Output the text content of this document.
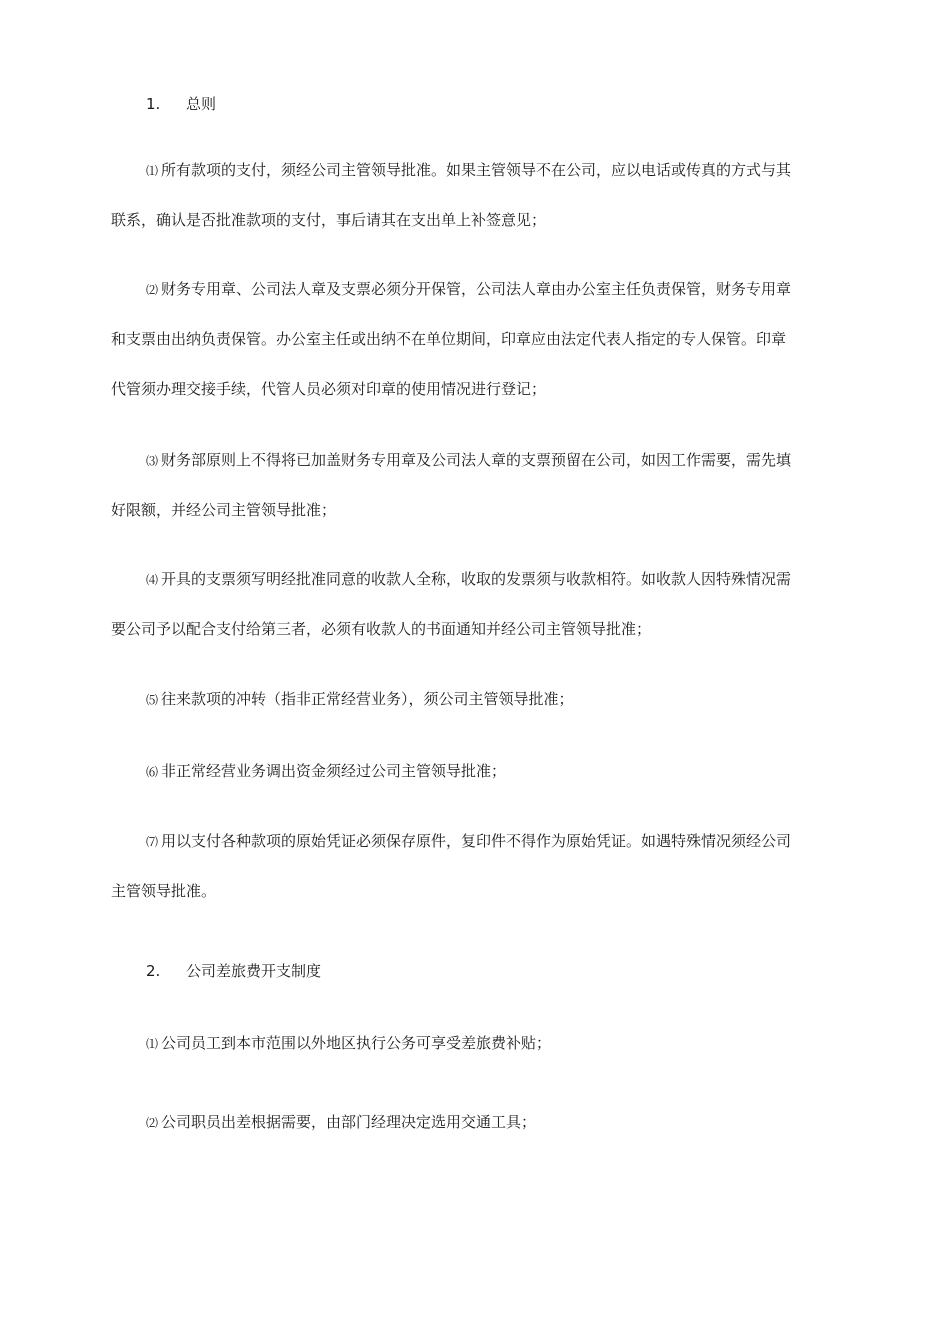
1. 总则
⑴ 所有款项的支付，须经公司主管领导批准。如果主管领导不在公司，应以电话或传真的方式与其
联系，确认是否批准款项的支付，事后请其在支出单上补签意见；
⑵ 财务专用章、公司法人章及支票必须分开保管，公司法人章由办公室主任负责保管，财务专用章
和支票由出纳负责保管。办公室主任或出纳不在单位期间，印章应由法定代表人指定的专人保管。印章
代管须办理交接手续，代管人员必须对印章的使用情况进行登记；
⑶ 财务部原则上不得将已加盖财务专用章及公司法人章的支票预留在公司，如因工作需要，需先填
好限额，并经公司主管领导批准；
⑷ 开具的支票须写明经批准同意的收款人全称，收取的发票须与收款相符。如收款人因特殊情况需
要公司予以配合支付给第三者，必须有收款人的书面通知并经公司主管领导批准；
⑸ 往来款项的冲转（指非正常经营业务），须公司主管领导批准；
⑹ 非正常经营业务调出资金须经过公司主管领导批准；
⑺ 用以支付各种款项的原始凭证必须保存原件，复印件不得作为原始凭证。如遇特殊情况须经公司
主管领导批准。
2. 公司差旅费开支制度
⑴ 公司员工到本市范围以外地区执行公务可享受差旅费补贴；
⑵ 公司职员出差根据需要，由部门经理决定选用交通工具；
